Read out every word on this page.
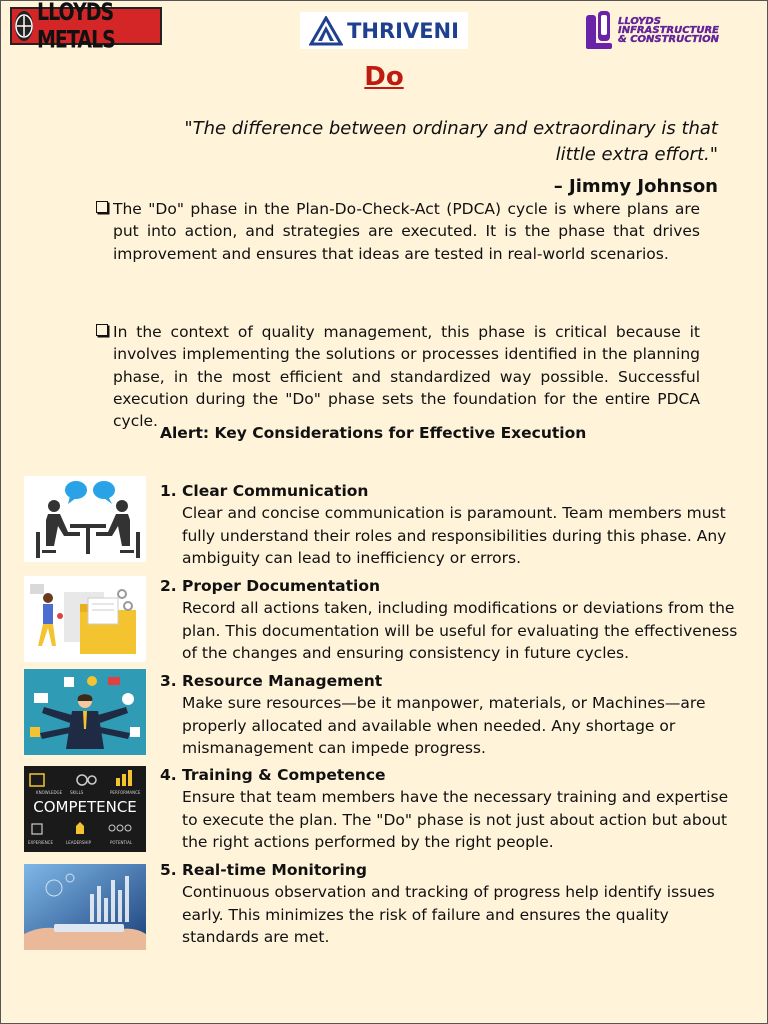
LLOYDS METALS	THRIVENI	LLOYDS
INFRASTRUCTURE
& CONSTRUCTION
Do
"The difference between ordinary and extraordinary is that
little extra effort."
– Jimmy Johnson
The "Do" phase in the Plan-Do-Check-Act (PDCA) cycle is where plans are put into action, and strategies are executed. It is the phase that drives improvement and ensures that ideas are tested in real-world scenarios.
In the context of quality management, this phase is critical because it involves implementing the solutions or processes identified in the planning phase, in the most efficient and standardized way possible. Successful execution during the "Do" phase sets the foundation for the entire PDCA cycle.
Alert: Key Considerations for Effective Execution
KNOWLEDGE SKILLS	PERFORMANCE
COMPETENCE
EXPERIENCE	LEADERSHIP	POTENTIAL
1. Clear Communication
Clear and concise communication is paramount. Team members must
fully understand their roles and responsibilities during this phase. Any
ambiguity can lead to inefficiency or errors.
2. Proper Documentation
Record all actions taken, including modifications or deviations from the
plan. This documentation will be useful for evaluating the effectiveness
of the changes and ensuring consistency in future cycles.
3. Resource Management
Make sure resources—be it manpower, materials, or Machines—are
properly allocated and available when needed. Any shortage or
mismanagement can impede progress.
4. Training & Competence
Ensure that team members have the necessary training and expertise
to execute the plan. The "Do" phase is not just about action but about
the right actions performed by the right people.
5. Real-time Monitoring
Continuous observation and tracking of progress help identify issues
early. This minimizes the risk of failure and ensures the quality
standards are met.
